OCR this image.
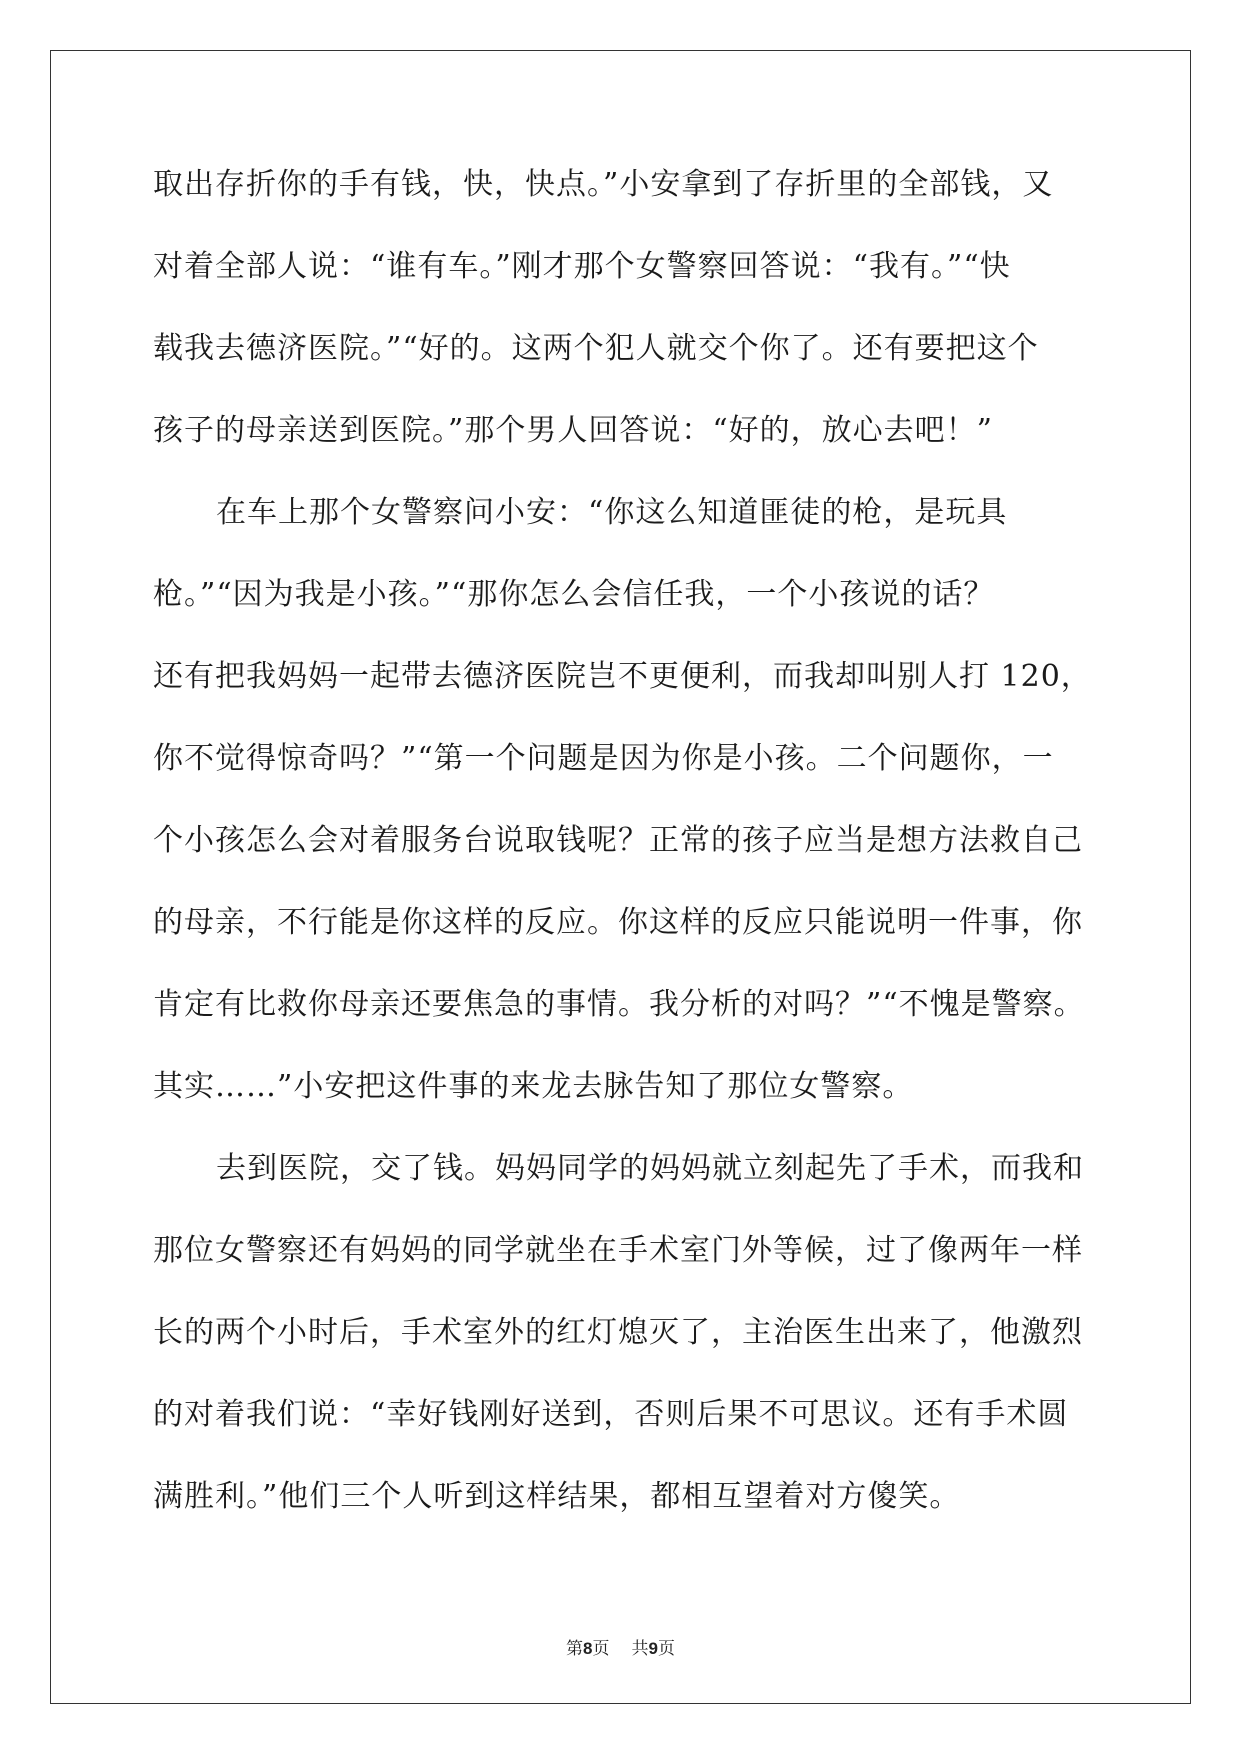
取出存折你的手有钱，快，快点。”小安拿到了存折里的全部钱，又
对着全部人说：“谁有车。”刚才那个女警察回答说：“我有。”“快
载我去德济医院。”“好的。这两个犯人就交个你了。还有要把这个
孩子的母亲送到医院。”那个男人回答说：“好的，放心去吧！”
在车上那个女警察问小安：“你这么知道匪徒的枪，是玩具
枪。”“因为我是小孩。”“那你怎么会信任我，一个小孩说的话？
还有把我妈妈一起带去德济医院岂不更便利，而我却叫别人打 120，
你不觉得惊奇吗？”“第一个问题是因为你是小孩。二个问题你，一
个小孩怎么会对着服务台说取钱呢？正常的孩子应当是想方法救自己
的母亲，不行能是你这样的反应。你这样的反应只能说明一件事，你
肯定有比救你母亲还要焦急的事情。我分析的对吗？”“不愧是警察。
其实……”小安把这件事的来龙去脉告知了那位女警察。
去到医院，交了钱。妈妈同学的妈妈就立刻起先了手术，而我和
那位女警察还有妈妈的同学就坐在手术室门外等候，过了像两年一样
长的两个小时后，手术室外的红灯熄灭了，主治医生出来了，他激烈
的对着我们说：“幸好钱刚好送到，否则后果不可思议。还有手术圆
满胜利。”他们三个人听到这样结果，都相互望着对方傻笑。
第8页 共9页
